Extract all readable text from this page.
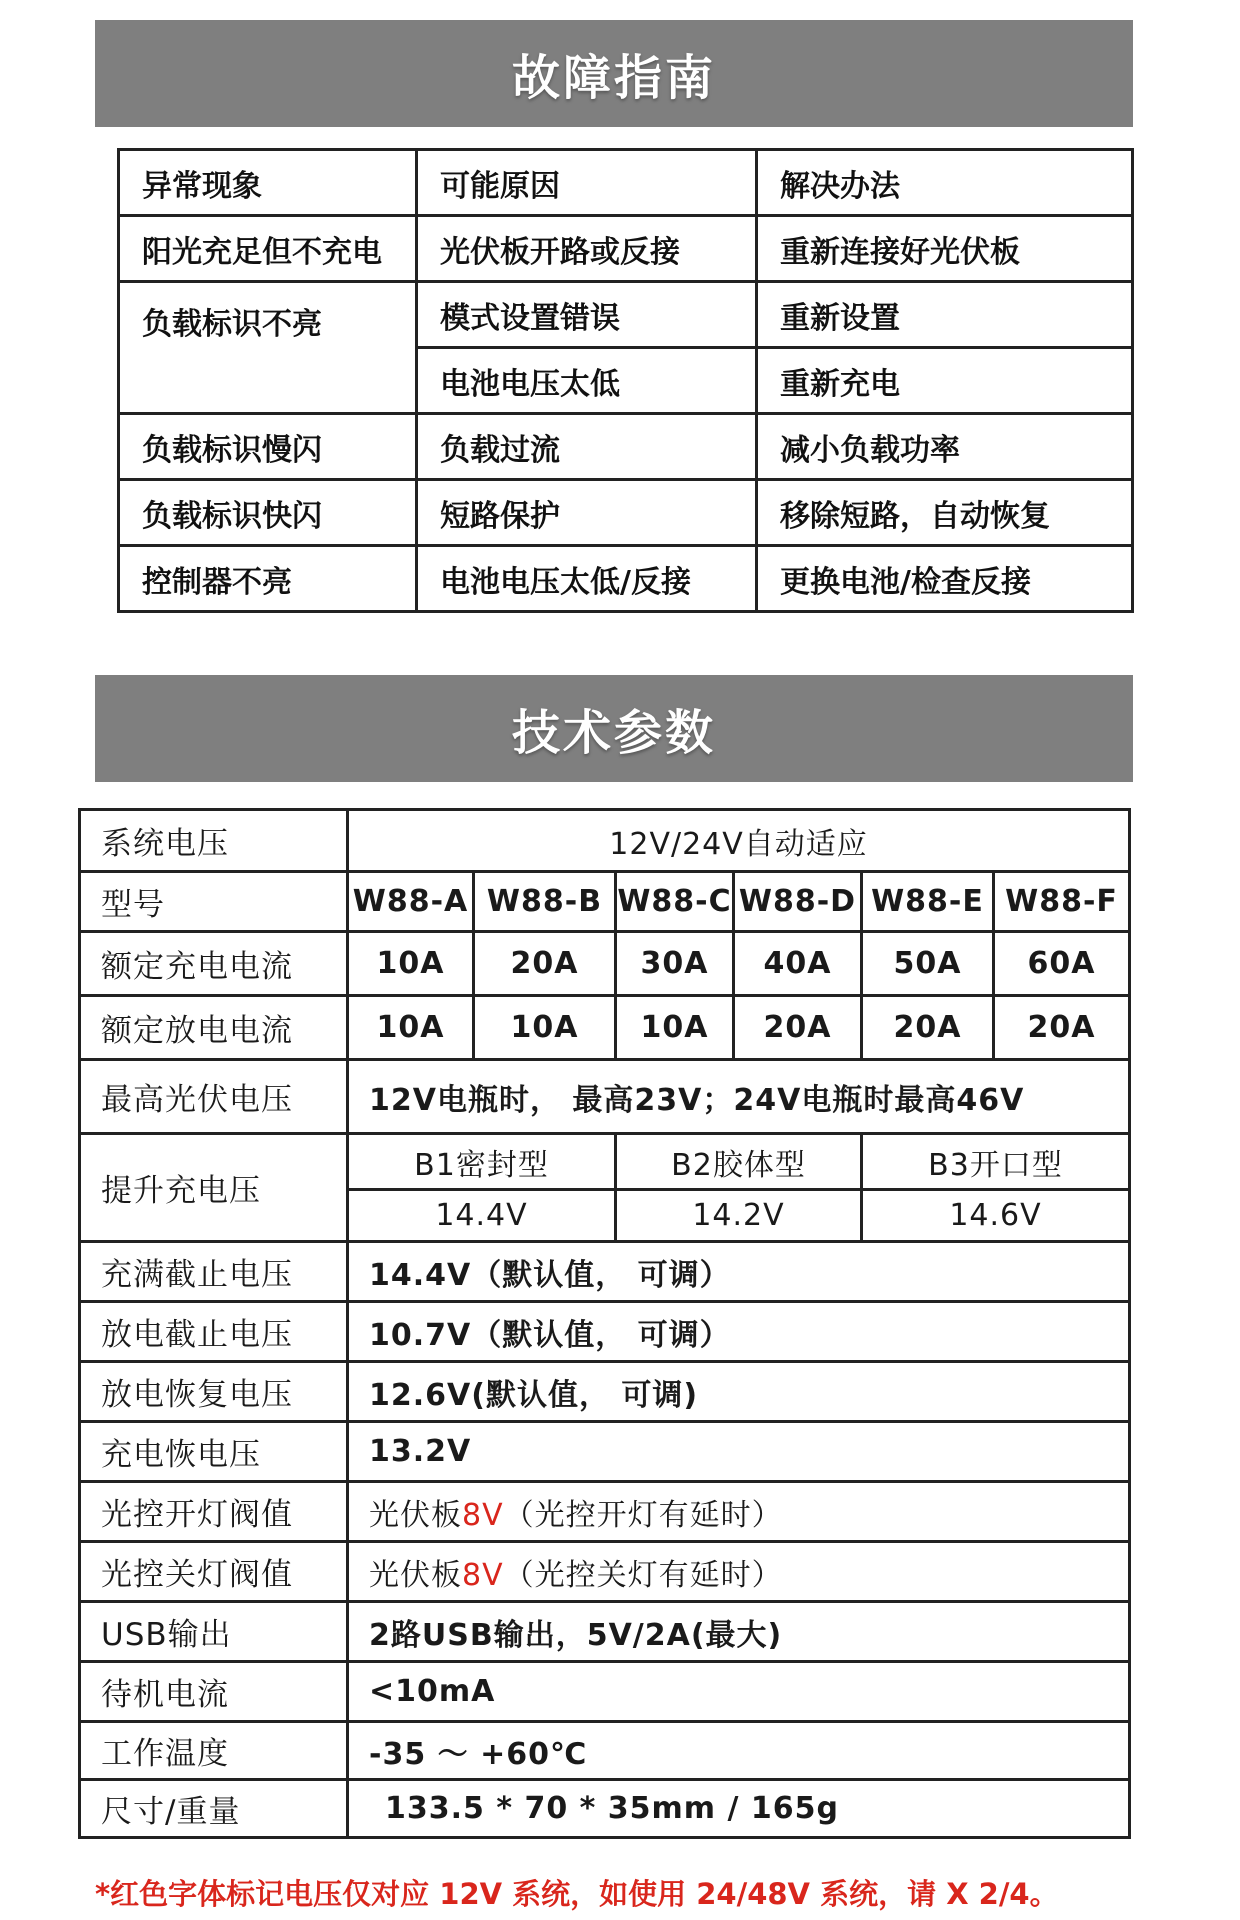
故障指南
异常现象	可能原因	解决办法
阳光充足但不充电	光伏板开路或反接	重新连接好光伏板
负载标识不亮	模式设置错误	重新设置
	电池电压太低	重新充电
负载标识慢闪	负载过流	减小负载功率
负载标识快闪	短路保护	移除短路，自动恢复
控制器不亮	电池电压太低/反接	更换电池/检查反接
技术参数
系统电压	12V/24V自动适应					
型号	W88-A	W88-B	W88-C	W88-D	W88-E	W88-F
额定充电电流	10A	20A	30A	40A	50A	60A
额定放电电流	10A	10A	10A	20A	20A	20A
最高光伏电压	12V电瓶时， 最高23V；24V电瓶时最高46V					
提升充电压	B1密封型		B2胶体型		B3开口型	
	14.4V		14.2V		14.6V	
充满截止电压	14.4V（默认值， 可调）					
放电截止电压	10.7V（默认值， 可调）					
放电恢复电压	12.6V(默认值， 可调)					
充电恢电压	13.2V					
光控开灯阀值	光伏板8V（光控开灯有延时）					
光控关灯阀值	光伏板8V（光控关灯有延时）					
USB输出	2路USB输出，5V/2A(最大)					
待机电流	<10mA					
工作温度	-35 ～ +60℃					
尺寸/重量	133.5 * 70 * 35mm / 165g					
*红色字体标记电压仅对应 12V 系统，如使用 24/48V 系统，请 X 2/4。
